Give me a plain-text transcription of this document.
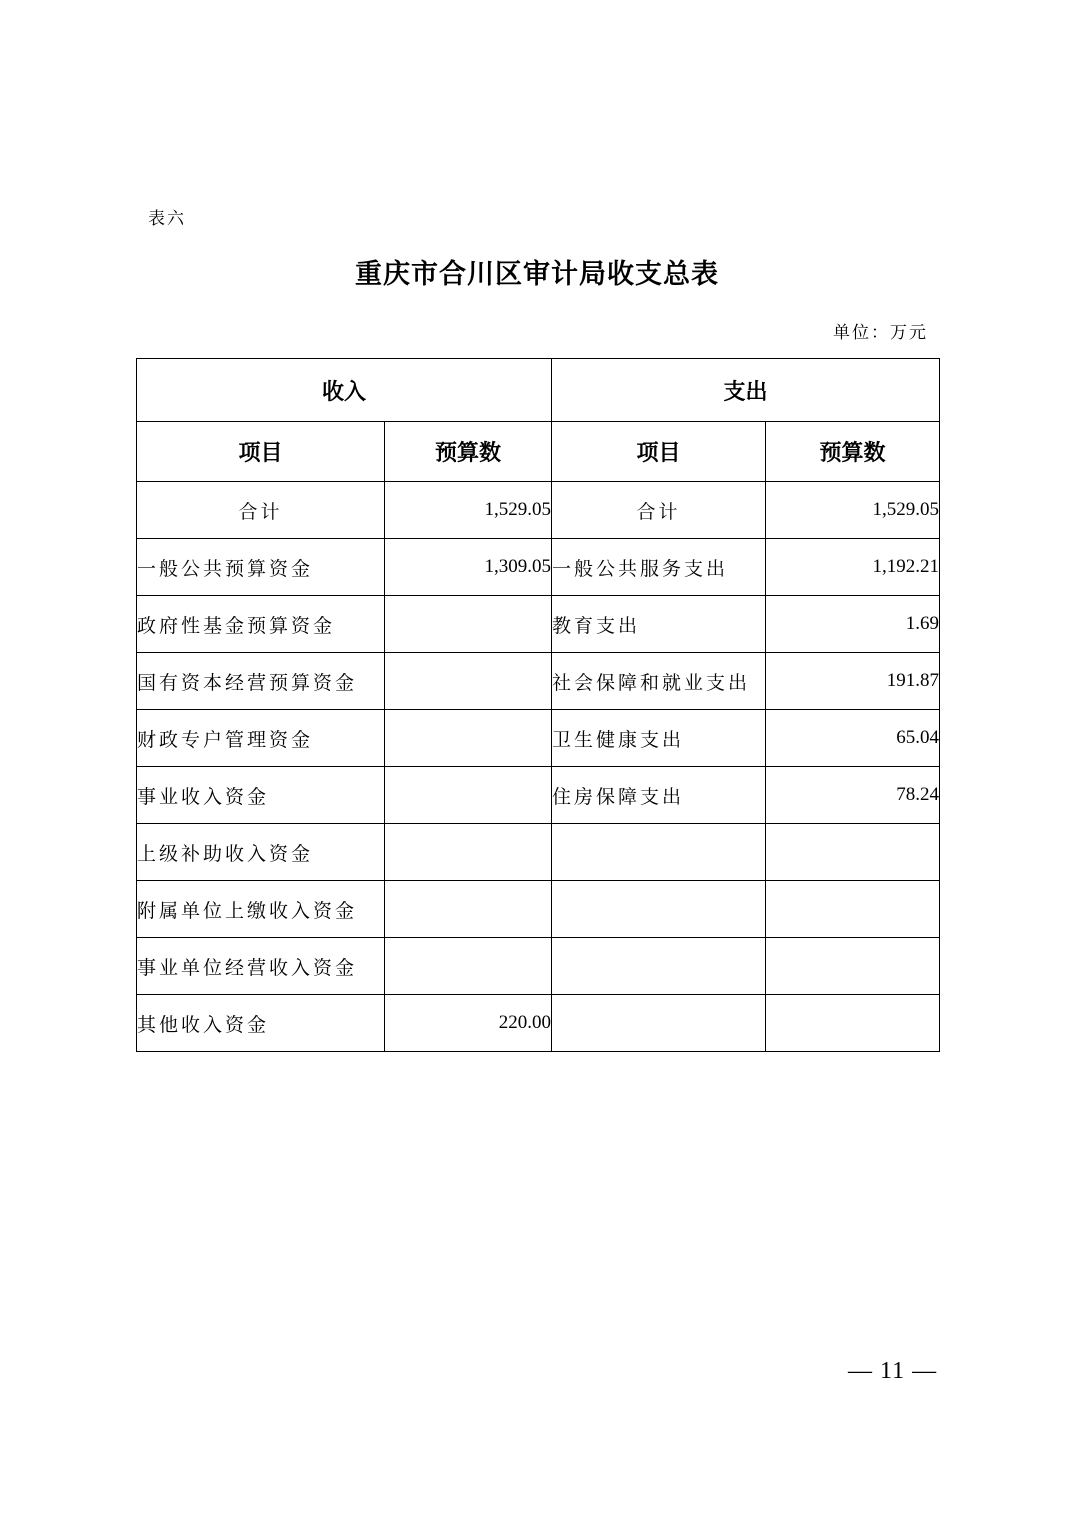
表六
重庆市合川区审计局收支总表
单位：万元
收入		支出	
项目	预算数	项目	预算数
合计	1,529.05	合计	1,529.05
一般公共预算资金	1,309.05	一般公共服务支出	1,192.21
政府性基金预算资金		教育支出	1.69
国有资本经营预算资金		社会保障和就业支出	191.87
财政专户管理资金		卫生健康支出	65.04
事业收入资金		住房保障支出	78.24
上级补助收入资金			
附属单位上缴收入资金			
事业单位经营收入资金			
其他收入资金	220.00		
— 11 —
